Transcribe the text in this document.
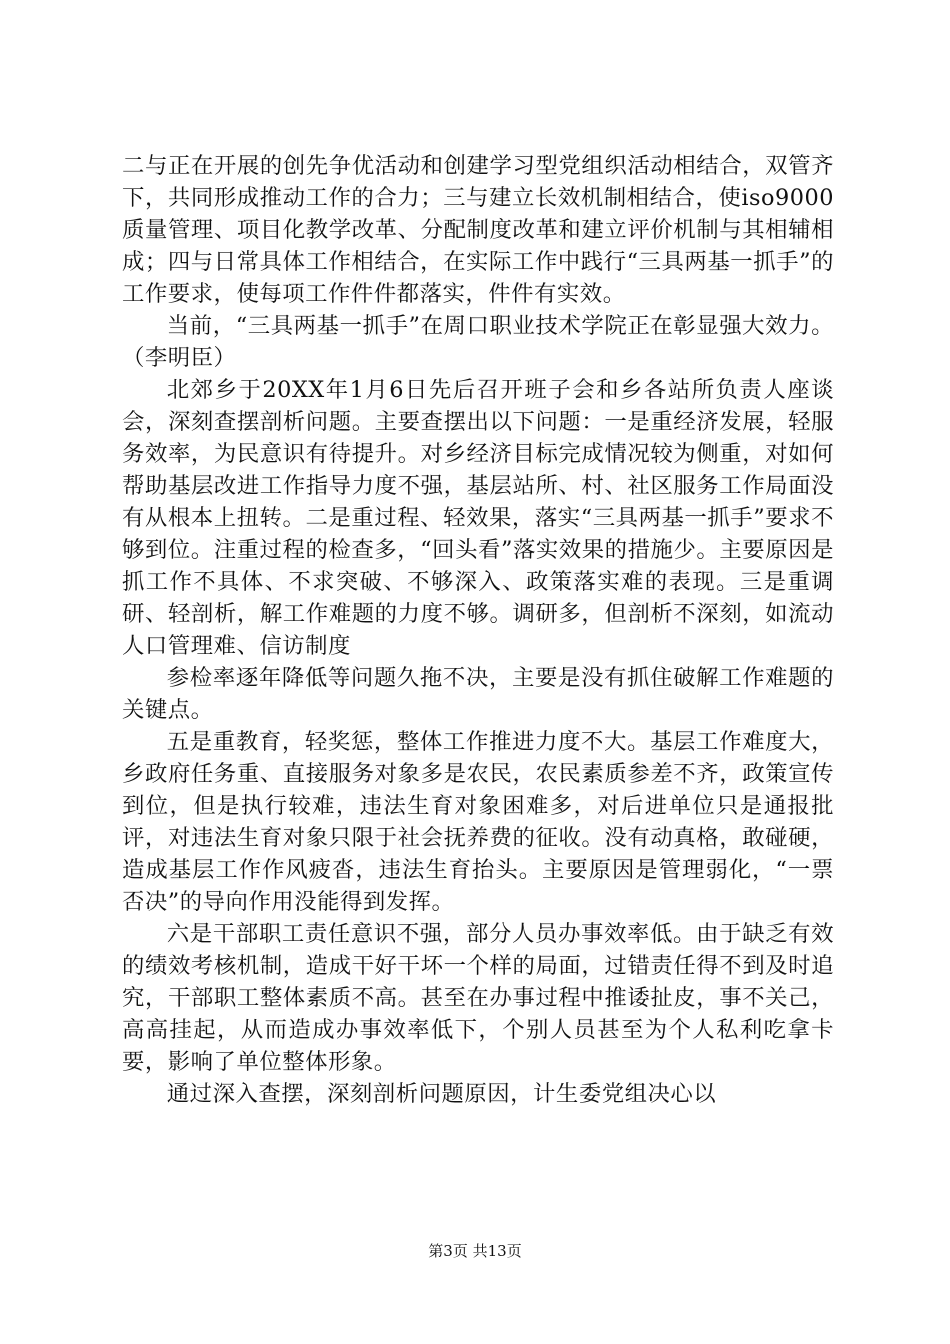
二与正在开展的创先争优活动和创建学习型党组织活动相结合，双管齐下，共同形成推动工作的合力；三与建立长效机制相结合，使iso9000质量管理、项目化教学改革、分配制度改革和建立评价机制与其相辅相成；四与日常具体工作相结合，在实际工作中践行“三具两基一抓手”的工作要求，使每项工作件件都落实，件件有实效。

当前，“三具两基一抓手”在周口职业技术学院正在彰显强大效力。（李明臣）

北郊乡于20XX年1月6日先后召开班子会和乡各站所负责人座谈会，深刻查摆剖析问题。主要查摆出以下问题：一是重经济发展，轻服务效率，为民意识有待提升。对乡经济目标完成情况较为侧重，对如何帮助基层改进工作指导力度不强，基层站所、村、社区服务工作局面没有从根本上扭转。二是重过程、轻效果，落实“三具两基一抓手”要求不够到位。注重过程的检查多，“回头看”落实效果的措施少。主要原因是抓工作不具体、不求突破、不够深入、政策落实难的表现。三是重调研、轻剖析，解工作难题的力度不够。调研多，但剖析不深刻，如流动人口管理难、信访制度

参检率逐年降低等问题久拖不决，主要是没有抓住破解工作难题的关键点。

五是重教育，轻奖惩，整体工作推进力度不大。基层工作难度大，乡政府任务重、直接服务对象多是农民，农民素质参差不齐，政策宣传到位，但是执行较难，违法生育对象困难多，对后进单位只是通报批评，对违法生育对象只限于社会抚养费的征收。没有动真格，敢碰硬，造成基层工作作风疲沓，违法生育抬头。主要原因是管理弱化，“一票否决”的导向作用没能得到发挥。

六是干部职工责任意识不强，部分人员办事效率低。由于缺乏有效的绩效考核机制，造成干好干坏一个样的局面，过错责任得不到及时追究，干部职工整体素质不高。甚至在办事过程中推诿扯皮，事不关己，高高挂起，从而造成办事效率低下，个别人员甚至为个人私利吃拿卡要，影响了单位整体形象。

通过深入查摆，深刻剖析问题原因，计生委党组决心以

第3页 共13页
